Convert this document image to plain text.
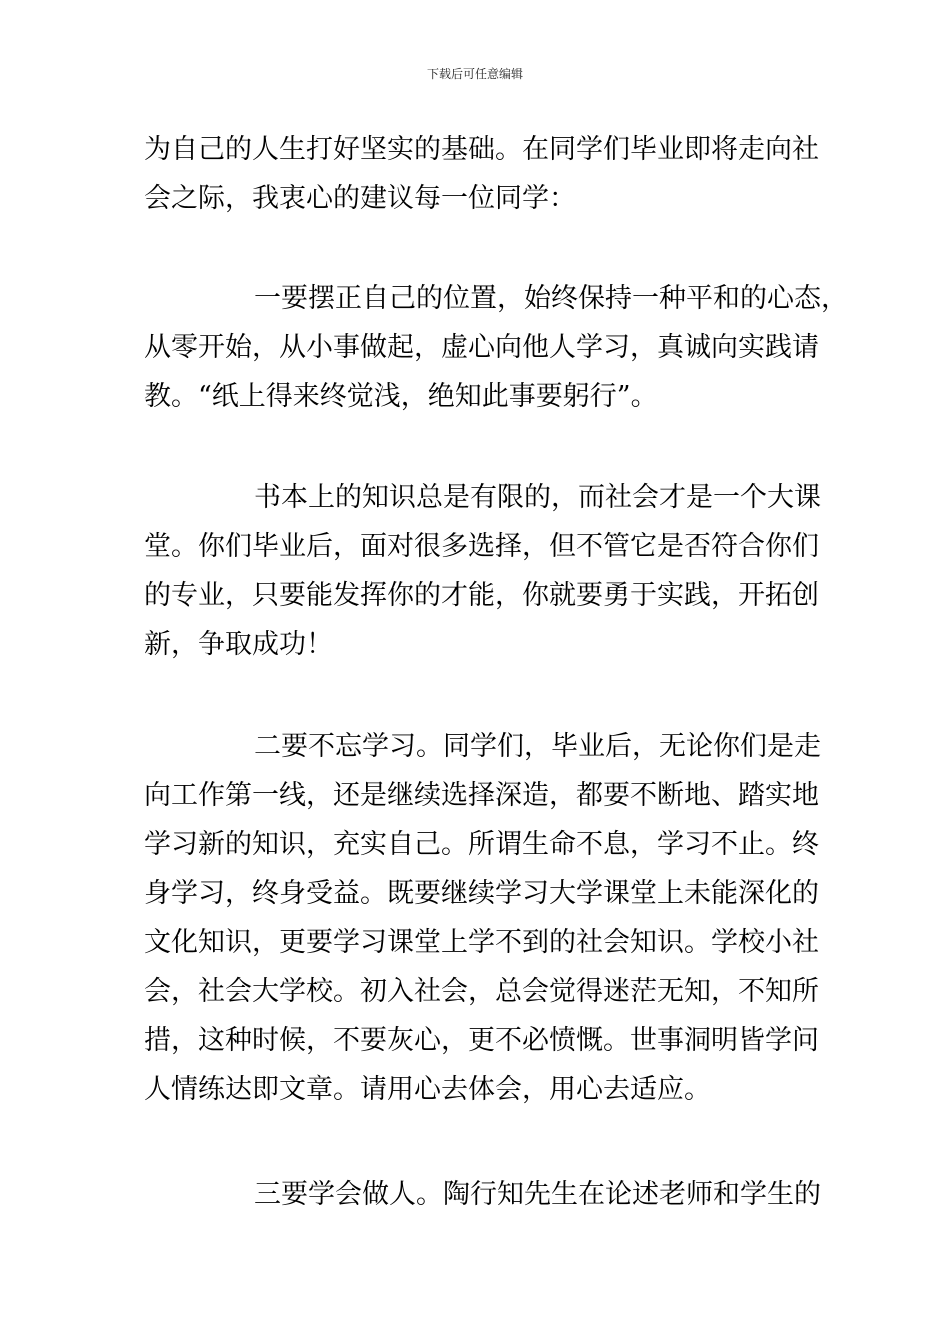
下载后可任意编辑
为自己的人生打好坚实的基础。在同学们毕业即将走向社
会之际，我衷心的建议每一位同学：
一要摆正自己的位置，始终保持一种平和的心态，
从零开始，从小事做起，虚心向他人学习，真诚向实践请
教。“纸上得来终觉浅，绝知此事要躬行”。
书本上的知识总是有限的，而社会才是一个大课
堂。你们毕业后，面对很多选择，但不管它是否符合你们
的专业，只要能发挥你的才能，你就要勇于实践，开拓创
新，争取成功！
二要不忘学习。同学们，毕业后，无论你们是走
向工作第一线，还是继续选择深造，都要不断地、踏实地
学习新的知识，充实自己。所谓生命不息，学习不止。终
身学习，终身受益。既要继续学习大学课堂上未能深化的
文化知识，更要学习课堂上学不到的社会知识。学校小社
会，社会大学校。初入社会，总会觉得迷茫无知，不知所
措，这种时候，不要灰心，更不必愤慨。世事洞明皆学问
人情练达即文章。请用心去体会，用心去适应。
三要学会做人。陶行知先生在论述老师和学生的
